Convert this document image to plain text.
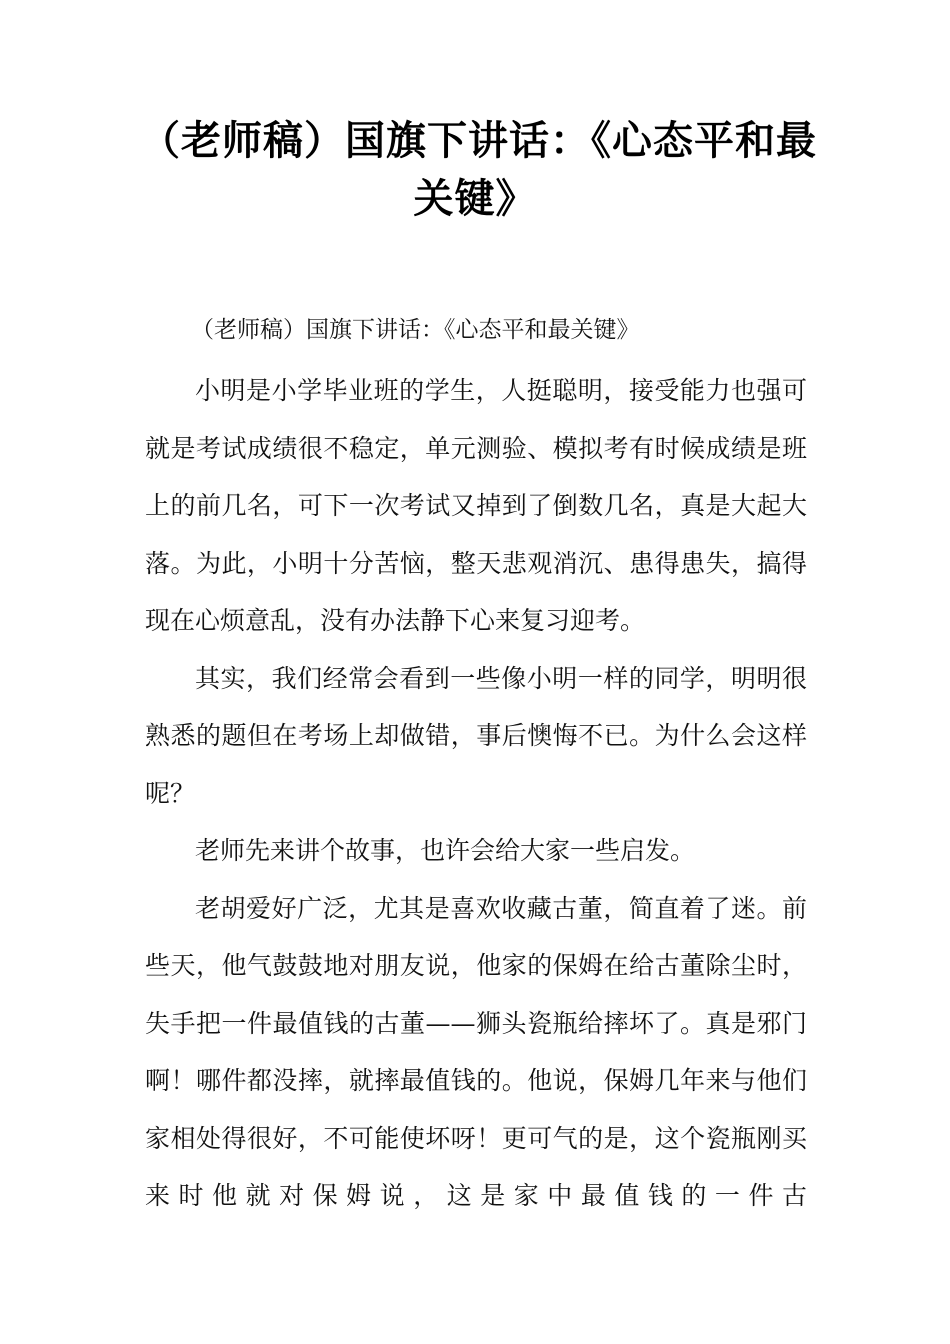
（老师稿）国旗下讲话：《心态平和最
关键》

（老师稿）国旗下讲话：《心态平和最关键》

小明是小学毕业班的学生，人挺聪明，接受能力也强可就是考试成绩很不稳定，单元测验、模拟考有时候成绩是班上的前几名，可下一次考试又掉到了倒数几名，真是大起大落。为此，小明十分苦恼，整天悲观消沉、患得患失，搞得现在心烦意乱，没有办法静下心来复习迎考。

其实，我们经常会看到一些像小明一样的同学，明明很熟悉的题但在考场上却做错，事后懊悔不已。为什么会这样呢？

老师先来讲个故事，也许会给大家一些启发。

老胡爱好广泛，尤其是喜欢收藏古董，简直着了迷。前些天，他气鼓鼓地对朋友说，他家的保姆在给古董除尘时，失手把一件最值钱的古董——狮头瓷瓶给摔坏了。真是邪门啊！哪件都没摔，就摔最值钱的。他说，保姆几年来与他们家相处得很好，不可能使坏呀！更可气的是，这个瓷瓶刚买来时他就对保姆说，这是家中最值钱的一件古
